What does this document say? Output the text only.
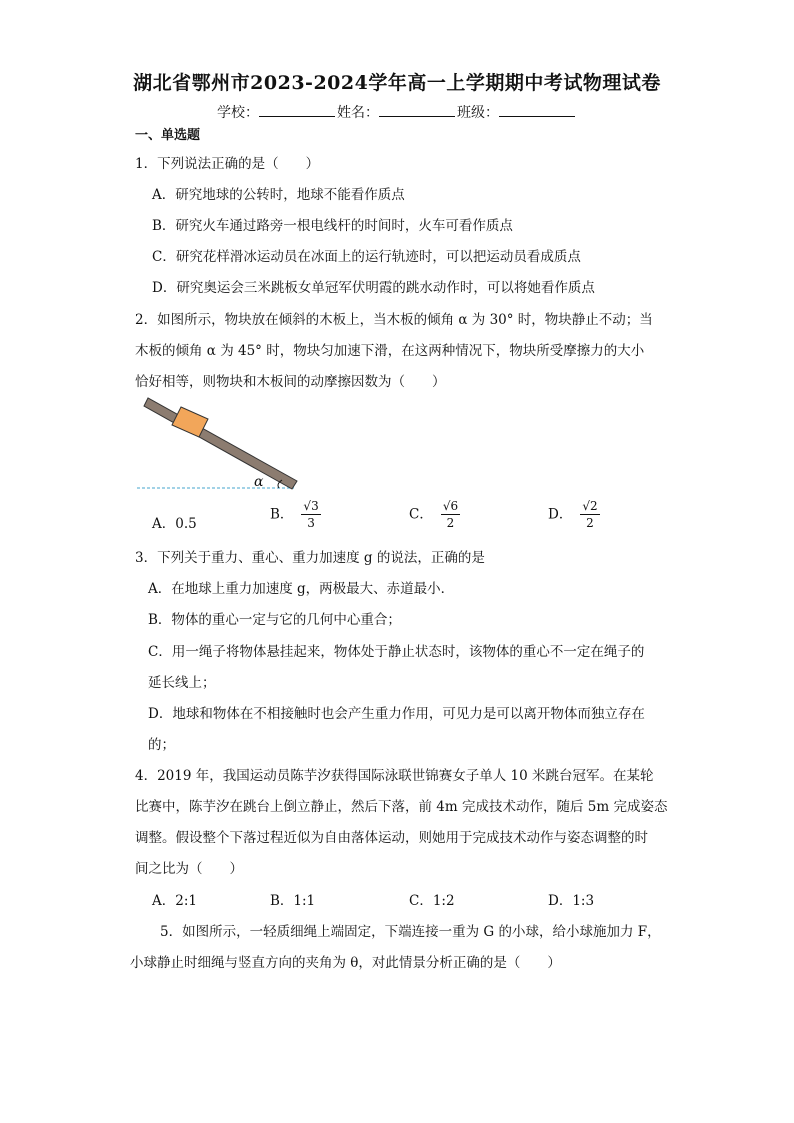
湖北省鄂州市2023-2024学年高一上学期期中考试物理试卷
学校：	姓名：	班级：
一、单选题
1．下列说法正确的是（　　）
A．研究地球的公转时，地球不能看作质点
B．研究火车通过路旁一根电线杆的时间时，火车可看作质点
C．研究花样滑冰运动员在冰面上的运行轨迹时，可以把运动员看成质点
D．研究奥运会三米跳板女单冠军伏明霞的跳水动作时，可以将她看作质点
2．如图所示，物块放在倾斜的木板上，当木板的倾角 α 为 30° 时，物块静止不动；当
木板的倾角 α 为 45° 时，物块匀加速下滑，在这两种情况下，物块所受摩擦力的大小
恰好相等，则物块和木板间的动摩擦因数为（　　）
α
A．0.5
B． $\frac{√3}{3}$	C． $\frac{√6}{2}$	D． $\frac{√2}{2}$
3．下列关于重力、重心、重力加速度 g 的说法，正确的是
A．在地球上重力加速度 g，两极最大、赤道最小．
B．物体的重心一定与它的几何中心重合；
C．用一绳子将物体悬挂起来，物体处于静止状态时，该物体的重心不一定在绳子的
延长线上；
D．地球和物体在不相接触时也会产生重力作用，可见力是可以离开物体而独立存在
的；
4．2019 年，我国运动员陈芋汐获得国际泳联世锦赛女子单人 10 米跳台冠军。在某轮
比赛中，陈芋汐在跳台上倒立静止，然后下落，前 4m 完成技术动作，随后 5m 完成姿态
调整。假设整个下落过程近似为自由落体运动，则她用于完成技术动作与姿态调整的时
间之比为（　　）
A．2:1	B．1:1	C．1:2	D．1:3
5．如图所示，一轻质细绳上端固定，下端连接一重为 G 的小球，给小球施加力 F，
小球静止时细绳与竖直方向的夹角为 θ，对此情景分析正确的是（　　）
